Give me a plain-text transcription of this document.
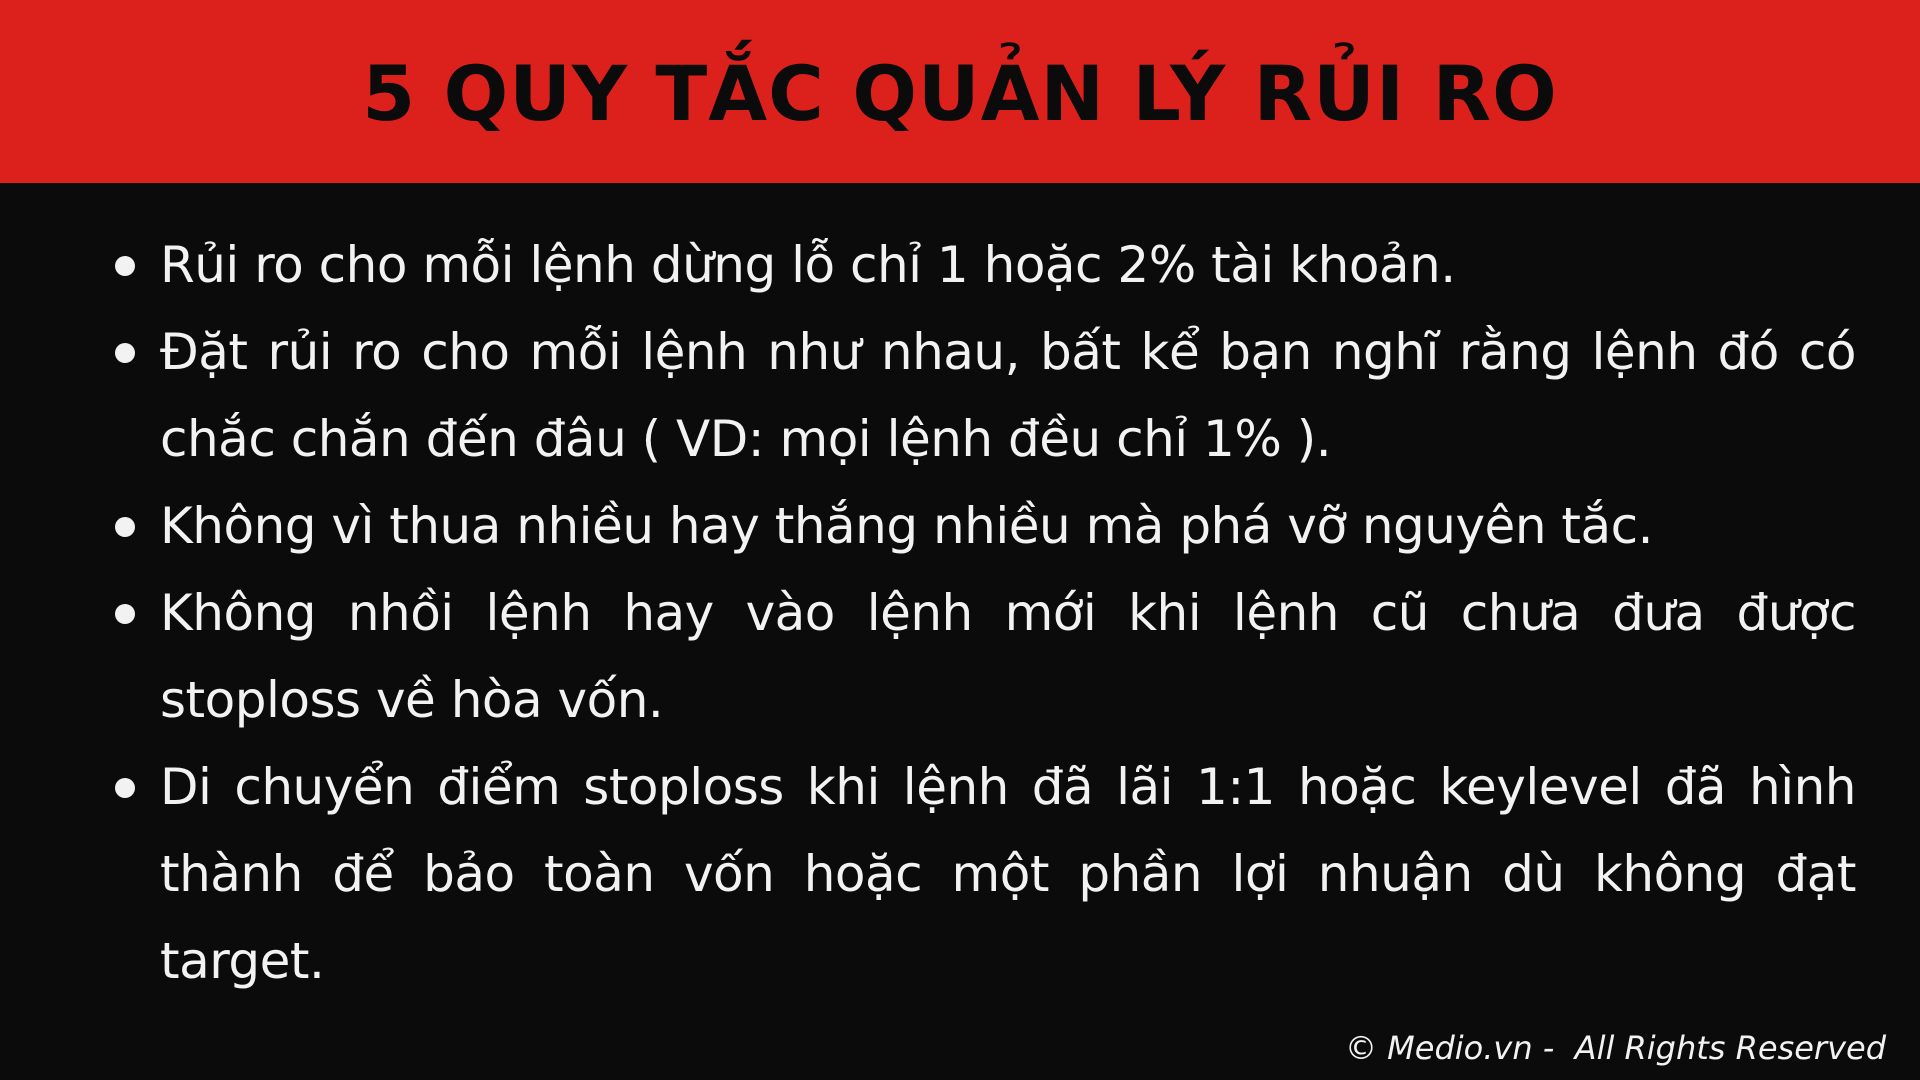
5 QUY TẮC QUẢN LÝ RỦI RO
Rủi ro cho mỗi lệnh dừng lỗ chỉ 1 hoặc 2% tài khoản.
Đặt rủi ro cho mỗi lệnh như nhau, bất kể bạn nghĩ rằng lệnh đó có chắc chắn đến đâu ( VD: mọi lệnh đều chỉ 1% ).
Không vì thua nhiều hay thắng nhiều mà phá vỡ nguyên tắc.
Không nhồi lệnh hay vào lệnh mới khi lệnh cũ chưa đưa được stoploss về hòa vốn.
Di chuyển điểm stoploss khi lệnh đã lãi 1:1 hoặc keylevel đã hình thành để bảo toàn vốn hoặc một phần lợi nhuận dù không đạt target.
© Medio.vn -  All Rights Reserved
